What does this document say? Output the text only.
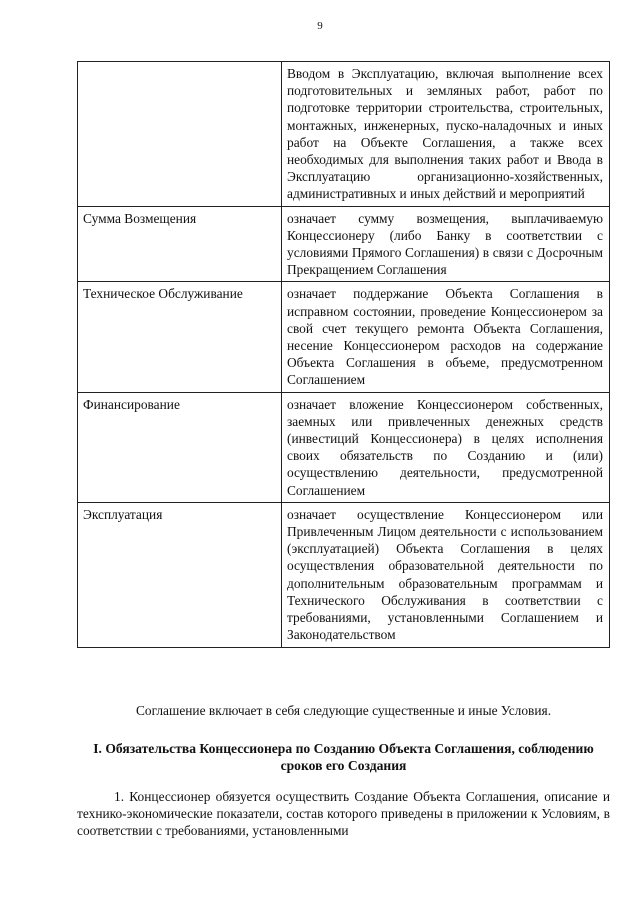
9
	Вводом в Эксплуатацию, включая выполнение всех подготовительных и земляных работ, работ по подготовке территории строительства, строительных, монтажных, инженерных, пуско-наладочных и иных работ на Объекте Соглашения, а также всех необходимых для выполнения таких работ и Ввода в Эксплуатацию организационно-хозяйственных, административных и иных действий и мероприятий
Сумма Возмещения	означает сумму возмещения, выплачиваемую Концессионеру (либо Банку в соответствии с условиями Прямого Соглашения) в связи с Досрочным Прекращением Соглашения
Техническое Обслуживание	означает поддержание Объекта Соглашения в исправном состоянии, проведение Концессионером за свой счет текущего ремонта Объекта Соглашения, несение Концессионером расходов на содержание Объекта Соглашения в объеме, предусмотренном Соглашением
Финансирование	означает вложение Концессионером собственных, заемных или привлеченных денежных средств (инвестиций Концессионера) в целях исполнения своих обязательств по Созданию и (или) осуществлению деятельности, предусмотренной Соглашением
Эксплуатация	означает осуществление Концессионером или Привлеченным Лицом деятельности с использованием (эксплуатацией) Объекта Соглашения в целях осуществления образовательной деятельности по дополнительным образовательным программам и Технического Обслуживания в соответствии с требованиями, установленными Соглашением и Законодательством
Соглашение включает в себя следующие существенные и иные Условия.
I. Обязательства Концессионера по Созданию Объекта Соглашения, соблюдению сроков его Создания
1. Концессионер обязуется осуществить Создание Объекта Соглашения, описание и технико-экономические показатели, состав которого приведены в приложении к Условиям, в соответствии с требованиями, установленными
